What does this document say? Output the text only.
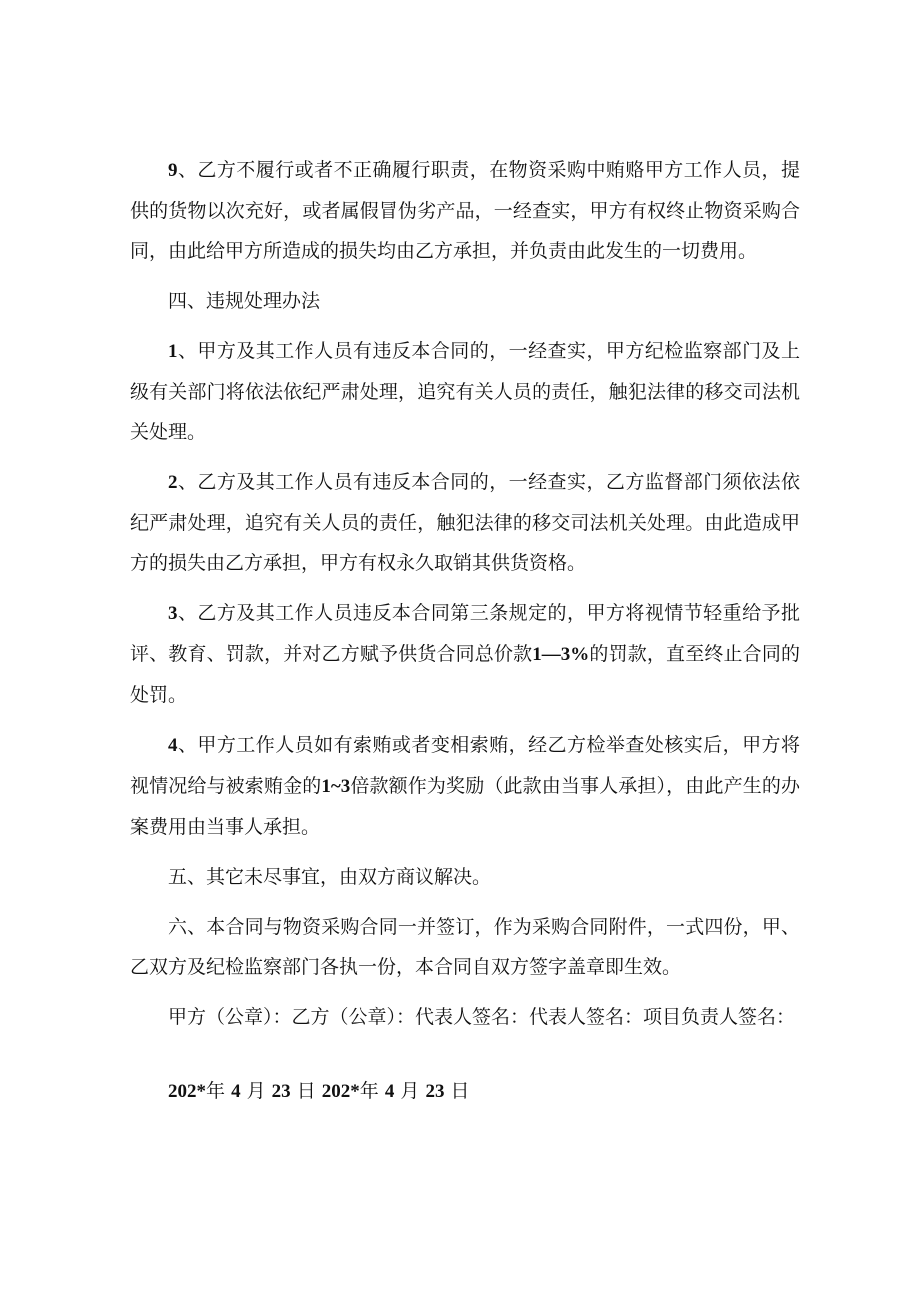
9、乙方不履行或者不正确履行职责，在物资采购中贿赂甲方工作人员，提供的货物以次充好，或者属假冒伪劣产品，一经查实，甲方有权终止物资采购合同，由此给甲方所造成的损失均由乙方承担，并负责由此发生的一切费用。

四、违规处理办法

1、甲方及其工作人员有违反本合同的，一经查实，甲方纪检监察部门及上级有关部门将依法依纪严肃处理，追究有关人员的责任，触犯法律的移交司法机关处理。

2、乙方及其工作人员有违反本合同的，一经查实，乙方监督部门须依法依纪严肃处理，追究有关人员的责任，触犯法律的移交司法机关处理。由此造成甲方的损失由乙方承担，甲方有权永久取销其供货资格。

3、乙方及其工作人员违反本合同第三条规定的，甲方将视情节轻重给予批评、教育、罚款，并对乙方赋予供货合同总价款1—3%的罚款，直至终止合同的处罚。

4、甲方工作人员如有索贿或者变相索贿，经乙方检举查处核实后，甲方将视情况给与被索贿金的1~3倍款额作为奖励（此款由当事人承担），由此产生的办案费用由当事人承担。

五、其它未尽事宜，由双方商议解决。

六、本合同与物资采购合同一并签订，作为采购合同附件，一式四份，甲、乙双方及纪检监察部门各执一份，本合同自双方签字盖章即生效。

甲方（公章）：乙方（公章）：代表人签名：代表人签名：项目负责人签名：

202*年 4 月 23 日 202*年 4 月 23 日
